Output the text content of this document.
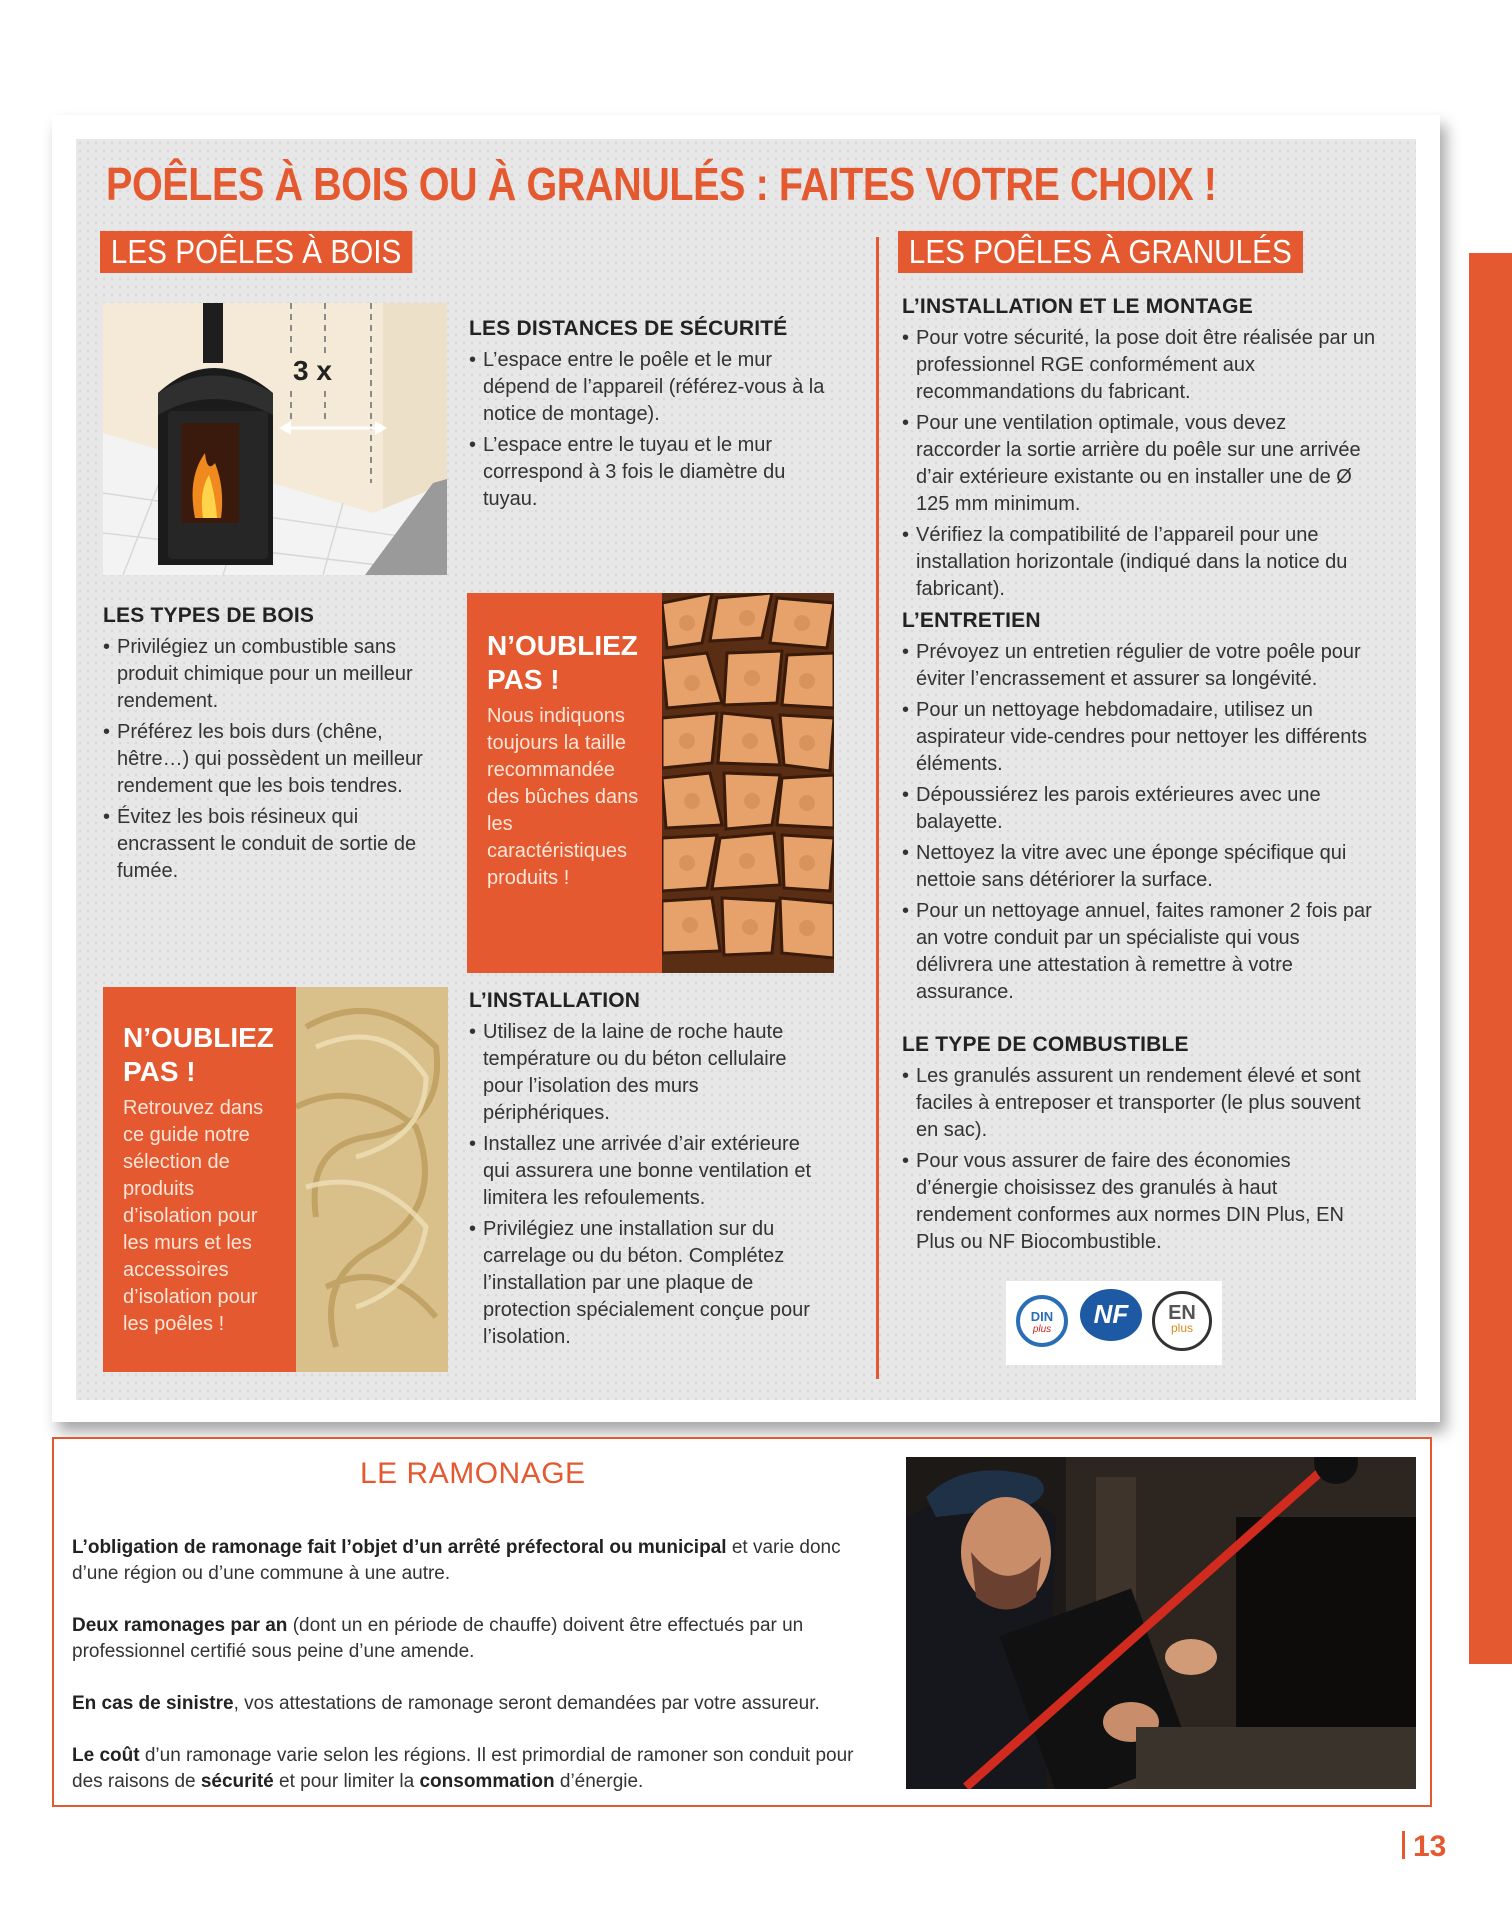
POÊLES À BOIS OU À GRANULÉS : FAITES VOTRE CHOIX !
LES POÊLES À BOIS
3 x
LES DISTANCES DE SÉCURITÉ
• L’espace entre le poêle et le mur dépend de l’appareil (référez-vous à la notice de montage).
• L’espace entre le tuyau et le mur correspond à 3 fois le diamètre du tuyau.
LES TYPES DE BOIS
• Privilégiez un combustible sans produit chimique pour un meilleur rendement.
• Préférez les bois durs (chêne, hêtre…) qui possèdent un meilleur rendement que les bois tendres.
• Évitez les bois résineux qui encrassent le conduit de sortie de fumée.

N’OUBLIEZ PAS !

Nous indiquons toujours la taille recommandée des bûches dans les caractéristiques produits !

N’OUBLIEZ PAS !

Retrouvez dans ce guide notre sélection de produits d’isolation pour les murs et les accessoires d’isolation pour les poêles !
L’INSTALLATION
• Utilisez de la laine de roche haute température ou du béton cellulaire pour l’isolation des murs périphériques.
• Installez une arrivée d’air extérieure qui assurera une bonne ventilation et limitera les refoulements.
• Privilégiez une installation sur du carrelage ou du béton. Complétez l’installation par une plaque de protection spécialement conçue pour l’isolation.
LES POÊLES À GRANULÉS
L’INSTALLATION ET LE MONTAGE
• Pour votre sécurité, la pose doit être réalisée par un professionnel RGE conformément aux recommandations du fabricant.
• Pour une ventilation optimale, vous devez raccorder la sortie arrière du poêle sur une arrivée d’air extérieure existante ou en installer une de Ø 125 mm minimum.
• Vérifiez la compatibilité de l’appareil pour une installation horizontale (indiqué dans la notice du fabricant).
L’ENTRETIEN
• Prévoyez un entretien régulier de votre poêle pour éviter l’encrassement et assurer sa longévité.
• Pour un nettoyage hebdomadaire, utilisez un aspirateur vide-cendres pour nettoyer les différents éléments.
• Dépoussiérez les parois extérieures avec une balayette.
• Nettoyez la vitre avec une éponge spécifique qui nettoie sans détériorer la surface.
• Pour un nettoyage annuel, faites ramoner 2 fois par an votre conduit par un spécialiste qui vous délivrera une attestation à remettre à votre assurance.
LE TYPE DE COMBUSTIBLE
• Les granulés assurent un rendement élevé et sont faciles à entreposer et transporter (le plus souvent en sac).
• Pour vous assurer de faire des économies d’énergie choisissez des granulés à haut rendement conformes aux normes DIN Plus, EN Plus ou NF Biocombustible.
DIN
plus
NF	EN
plus
LE RAMONAGE

L’obligation de ramonage fait l’objet d’un arrêté préfectoral ou municipal et varie donc d’une région ou d’une commune à une autre.

Deux ramonages par an (dont un en période de chauffe) doivent être effectués par un professionnel certifié sous peine d’une amende.

En cas de sinistre, vos attestations de ramonage seront demandées par votre assureur.

Le coût d’un ramonage varie selon les régions. Il est primordial de ramoner son conduit pour des raisons de sécurité et pour limiter la consommation d’énergie.

13
